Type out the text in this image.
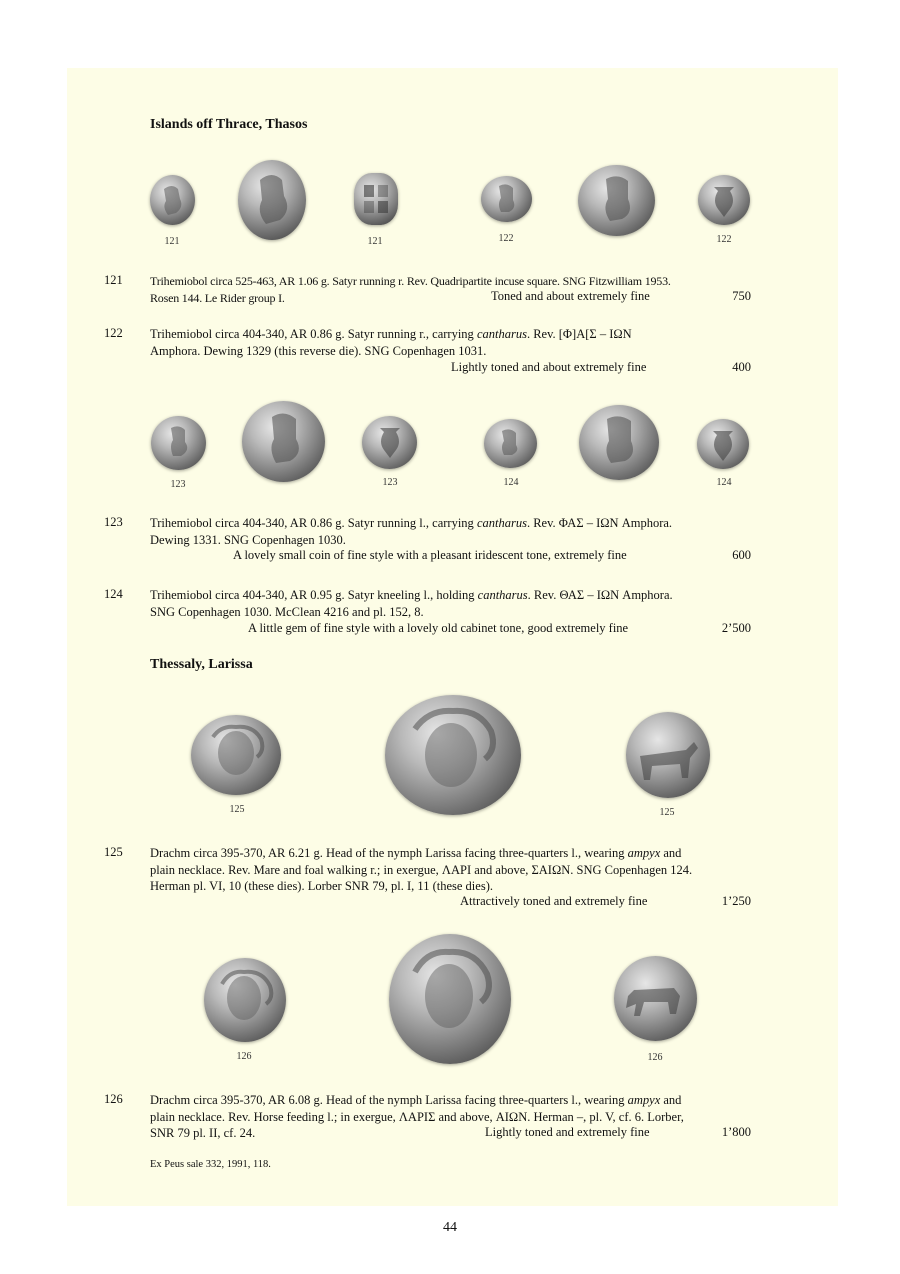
Islands off Thrace, Thasos
121	121	122	122
121 Trihemiobol circa 525-463, AR 1.06 g. Satyr running r. Rev. Quadripartite incuse square. SNG Fitzwilliam 1953.
Rosen 144. Le Rider group I.	Toned and about extremely fine	750
122 Trihemiobol circa 404-340, AR 0.86 g. Satyr running r., carrying cantharus. Rev. [Φ]Α[Σ – ΙΩΝ
Amphora. Dewing 1329 (this reverse die). SNG Copenhagen 1031.
Lightly toned and about extremely fine	400
123	123	124	124
123 Trihemiobol circa 404-340, AR 0.86 g. Satyr running l., carrying cantharus. Rev. ΦΑΣ – ΙΩΝ Amphora.
Dewing 1331. SNG Copenhagen 1030.
A lovely small coin of fine style with a pleasant iridescent tone, extremely fine	600
124 Trihemiobol circa 404-340, AR 0.95 g. Satyr kneeling l., holding cantharus. Rev. ΘΑΣ – ΙΩΝ Amphora.
SNG Copenhagen 1030. McClean 4216 and pl. 152, 8.
A little gem of fine style with a lovely old cabinet tone, good extremely fine	2’500
Thessaly, Larissa
125	125
125 Drachm circa 395-370, AR 6.21 g. Head of the nymph Larissa facing three-quarters l., wearing ampyx and
plain necklace. Rev. Mare and foal walking r.; in exergue, ΛΑΡΙ and above, ΣΑΙΩΝ. SNG Copenhagen 124.
Herman pl. VI, 10 (these dies). Lorber SNR 79, pl. I, 11 (these dies).
Attractively toned and extremely fine	1’250
126	126
126 Drachm circa 395-370, AR 6.08 g. Head of the nymph Larissa facing three-quarters l., wearing ampyx and
plain necklace. Rev. Horse feeding l.; in exergue, ΛΑΡΙΣ and above, ΑΙΩΝ. Herman –, pl. V, cf. 6. Lorber,
SNR 79 pl. II, cf. 24.	Lightly toned and extremely fine	1’800
Ex Peus sale 332, 1991, 118.
44
